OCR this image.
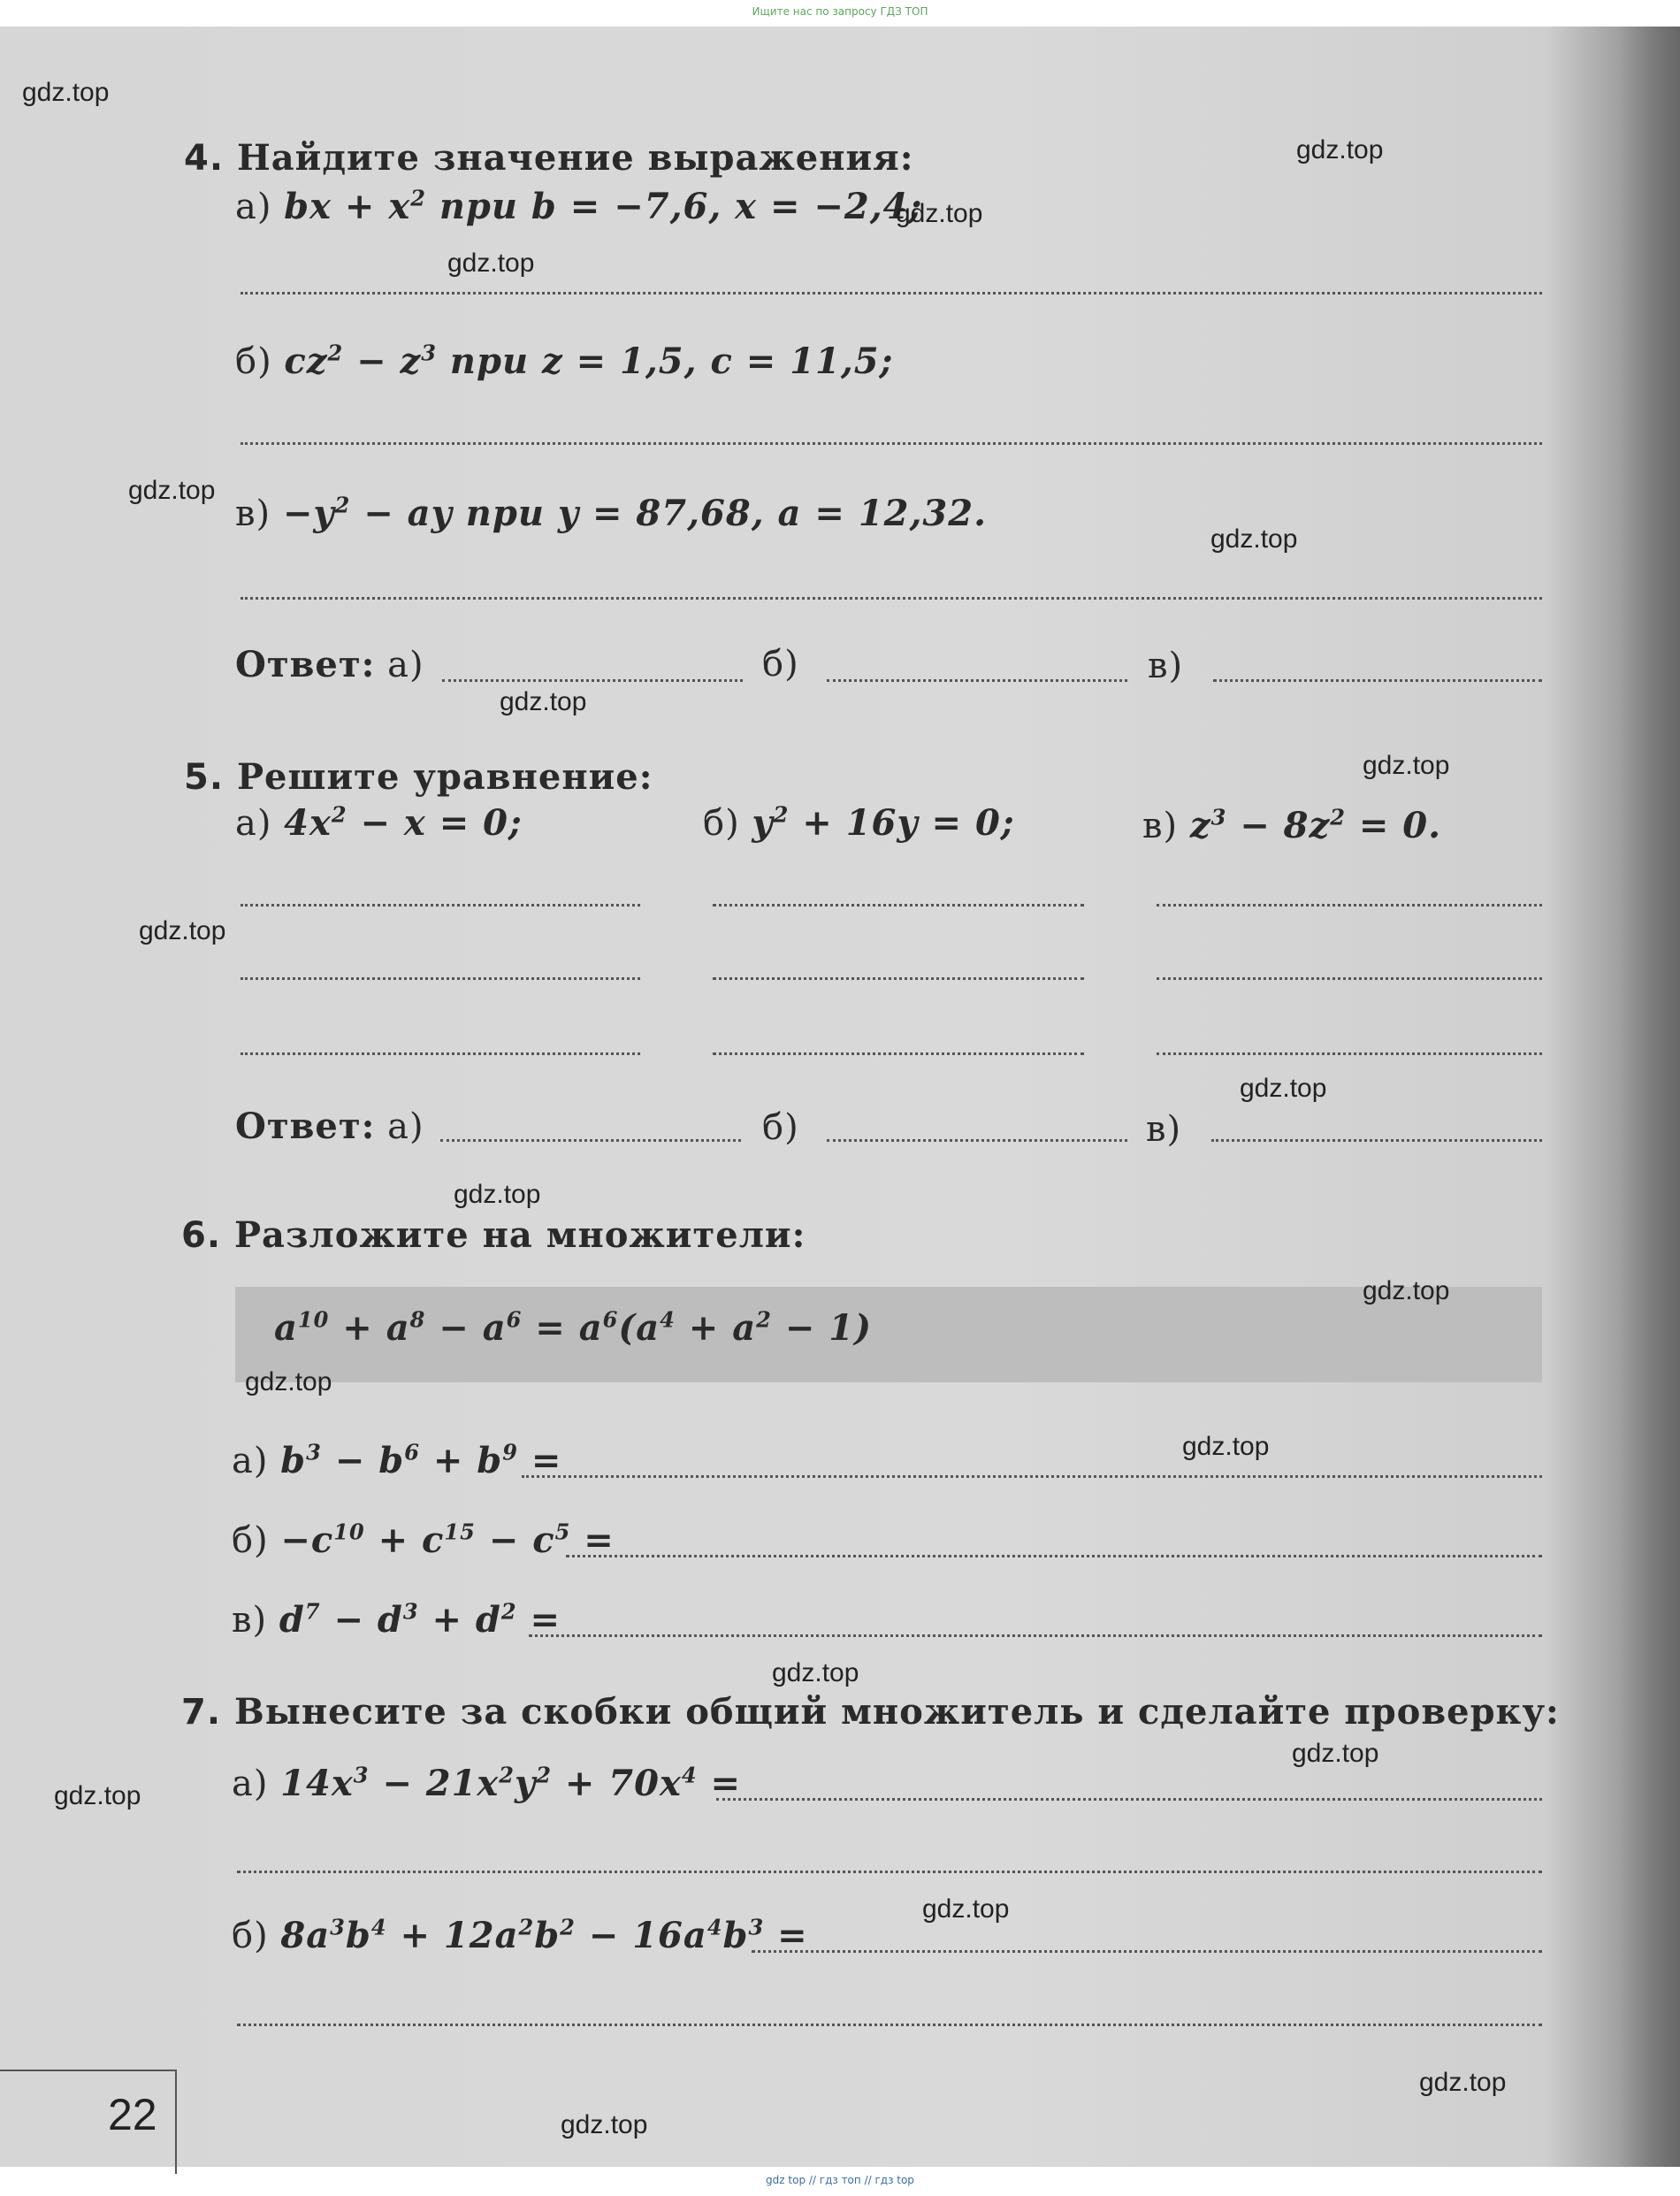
Ищите нас по запросу ГДЗ ТОП
4. Найдите значение выражения:
а) bx + $x^2$ при b = −7,6, x = −2,4;
б) $cz^2 - z^3$ при z = 1,5, c = 11,5;
$в) -y^2$ − ay при y = 87,68, a = 12,32.
Ответ: а)	б)	в)
5. Решите уравнение:
а) $4x^2 - x = 0$;	б) $y^2 + 16y = 0$;	в) $z^3 - 8z^2 = 0$.
Ответ: а)	б)	в)
6. Разложите на множители:
$a^{10} + a^8 - a^6 = a^6(a^4 + a^2 - 1)$
а) $b^3 - b^6 + b^9$ =
$б) -c^{10} + c^{15} - c^5$ =
в) $d^7 - d^3 + d^2$ =
7. Вынесите за скобки общий множитель и сделайте проверку:
а) $14x^3 - 21x^2y^2 + 70x^4$ =
б) $8a^3b^4 + 12a^2b^2 - 16a^4b^3$ =
22
gdz.top
gdz.top
gdz.top
gdz.top
gdz.top
gdz.top
gdz.top
gdz.top
gdz.top
gdz.top
gdz.top
gdz.top
gdz.top
gdz.top
gdz.top
gdz.top
gdz.top
gdz.top
gdz.top
gdz.top
gdz top // гдз топ // гдз top
